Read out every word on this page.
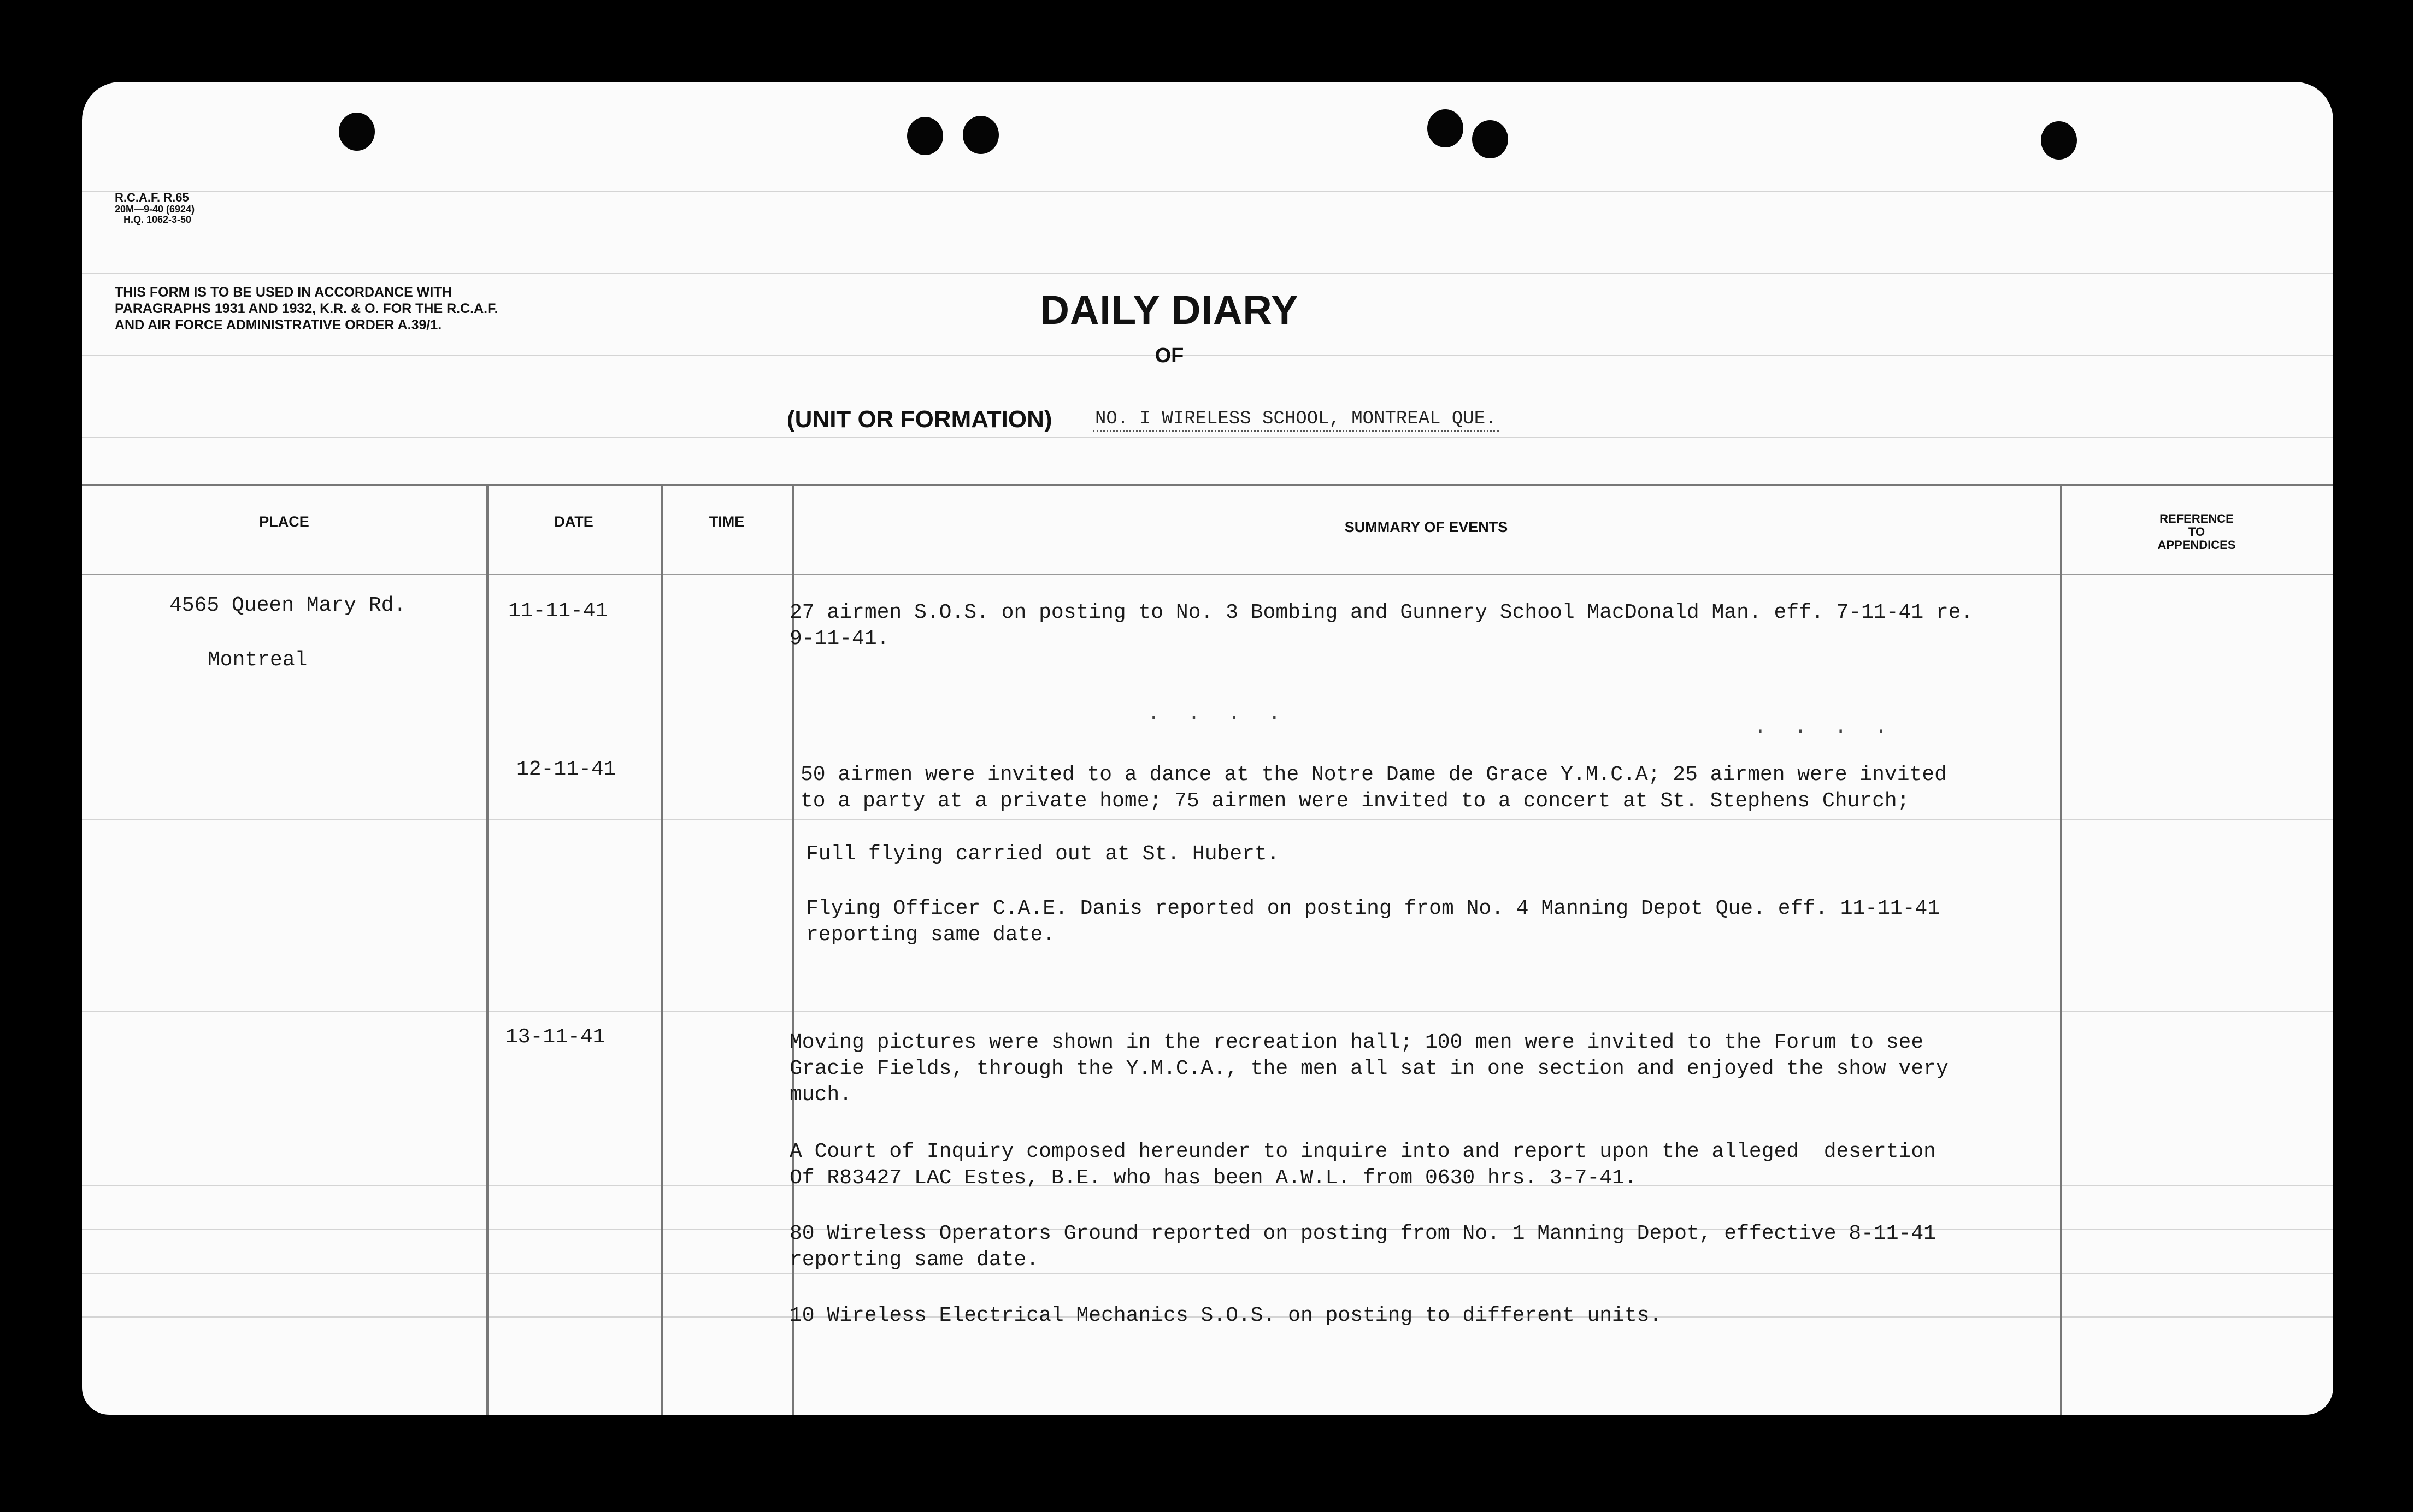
R.C.A.F. R.65
20M—9-40 (6924)
H.Q. 1062-3-50
THIS FORM IS TO BE USED IN ACCORDANCE WITH PARAGRAPHS 1931 AND 1932, K.R. & O. FOR THE R.C.A.F. AND AIR FORCE ADMINISTRATIVE ORDER A.39/1.	DAILY DIARY
OF
(UNIT OR FORMATION) NO. I WIRELESS SCHOOL, MONTREAL QUE.
PLACE	DATE	TIME	SUMMARY OF EVENTS
REFERENCE
TO
APPENDICES
4565 Queen Mary Rd.
Montreal
11-11-41	27 airmen S.O.S. on posting to No. 3 Bombing and Gunnery School MacDonald Man. eff. 7-11-41 re.
9-11-41.
. . . .
. . . .
12-11-41	50 airmen were invited to a dance at the Notre Dame de Grace Y.M.C.A; 25 airmen were invited
to a party at a private home; 75 airmen were invited to a concert at St. Stephens Church;
Full flying carried out at St. Hubert.
Flying Officer C.A.E. Danis reported on posting from No. 4 Manning Depot Que. eff. 11-11-41
reporting same date.
13-11-41	Moving pictures were shown in the recreation hall; 100 men were invited to the Forum to see
Gracie Fields, through the Y.M.C.A., the men all sat in one section and enjoyed the show very
much.
A Court of Inquiry composed hereunder to inquire into and report upon the alleged  desertion
Of R83427 LAC Estes, B.E. who has been A.W.L. from 0630 hrs. 3-7-41.
80 Wireless Operators Ground reported on posting from No. 1 Manning Depot, effective 8-11-41
reporting same date.
10 Wireless Electrical Mechanics S.O.S. on posting to different units.
